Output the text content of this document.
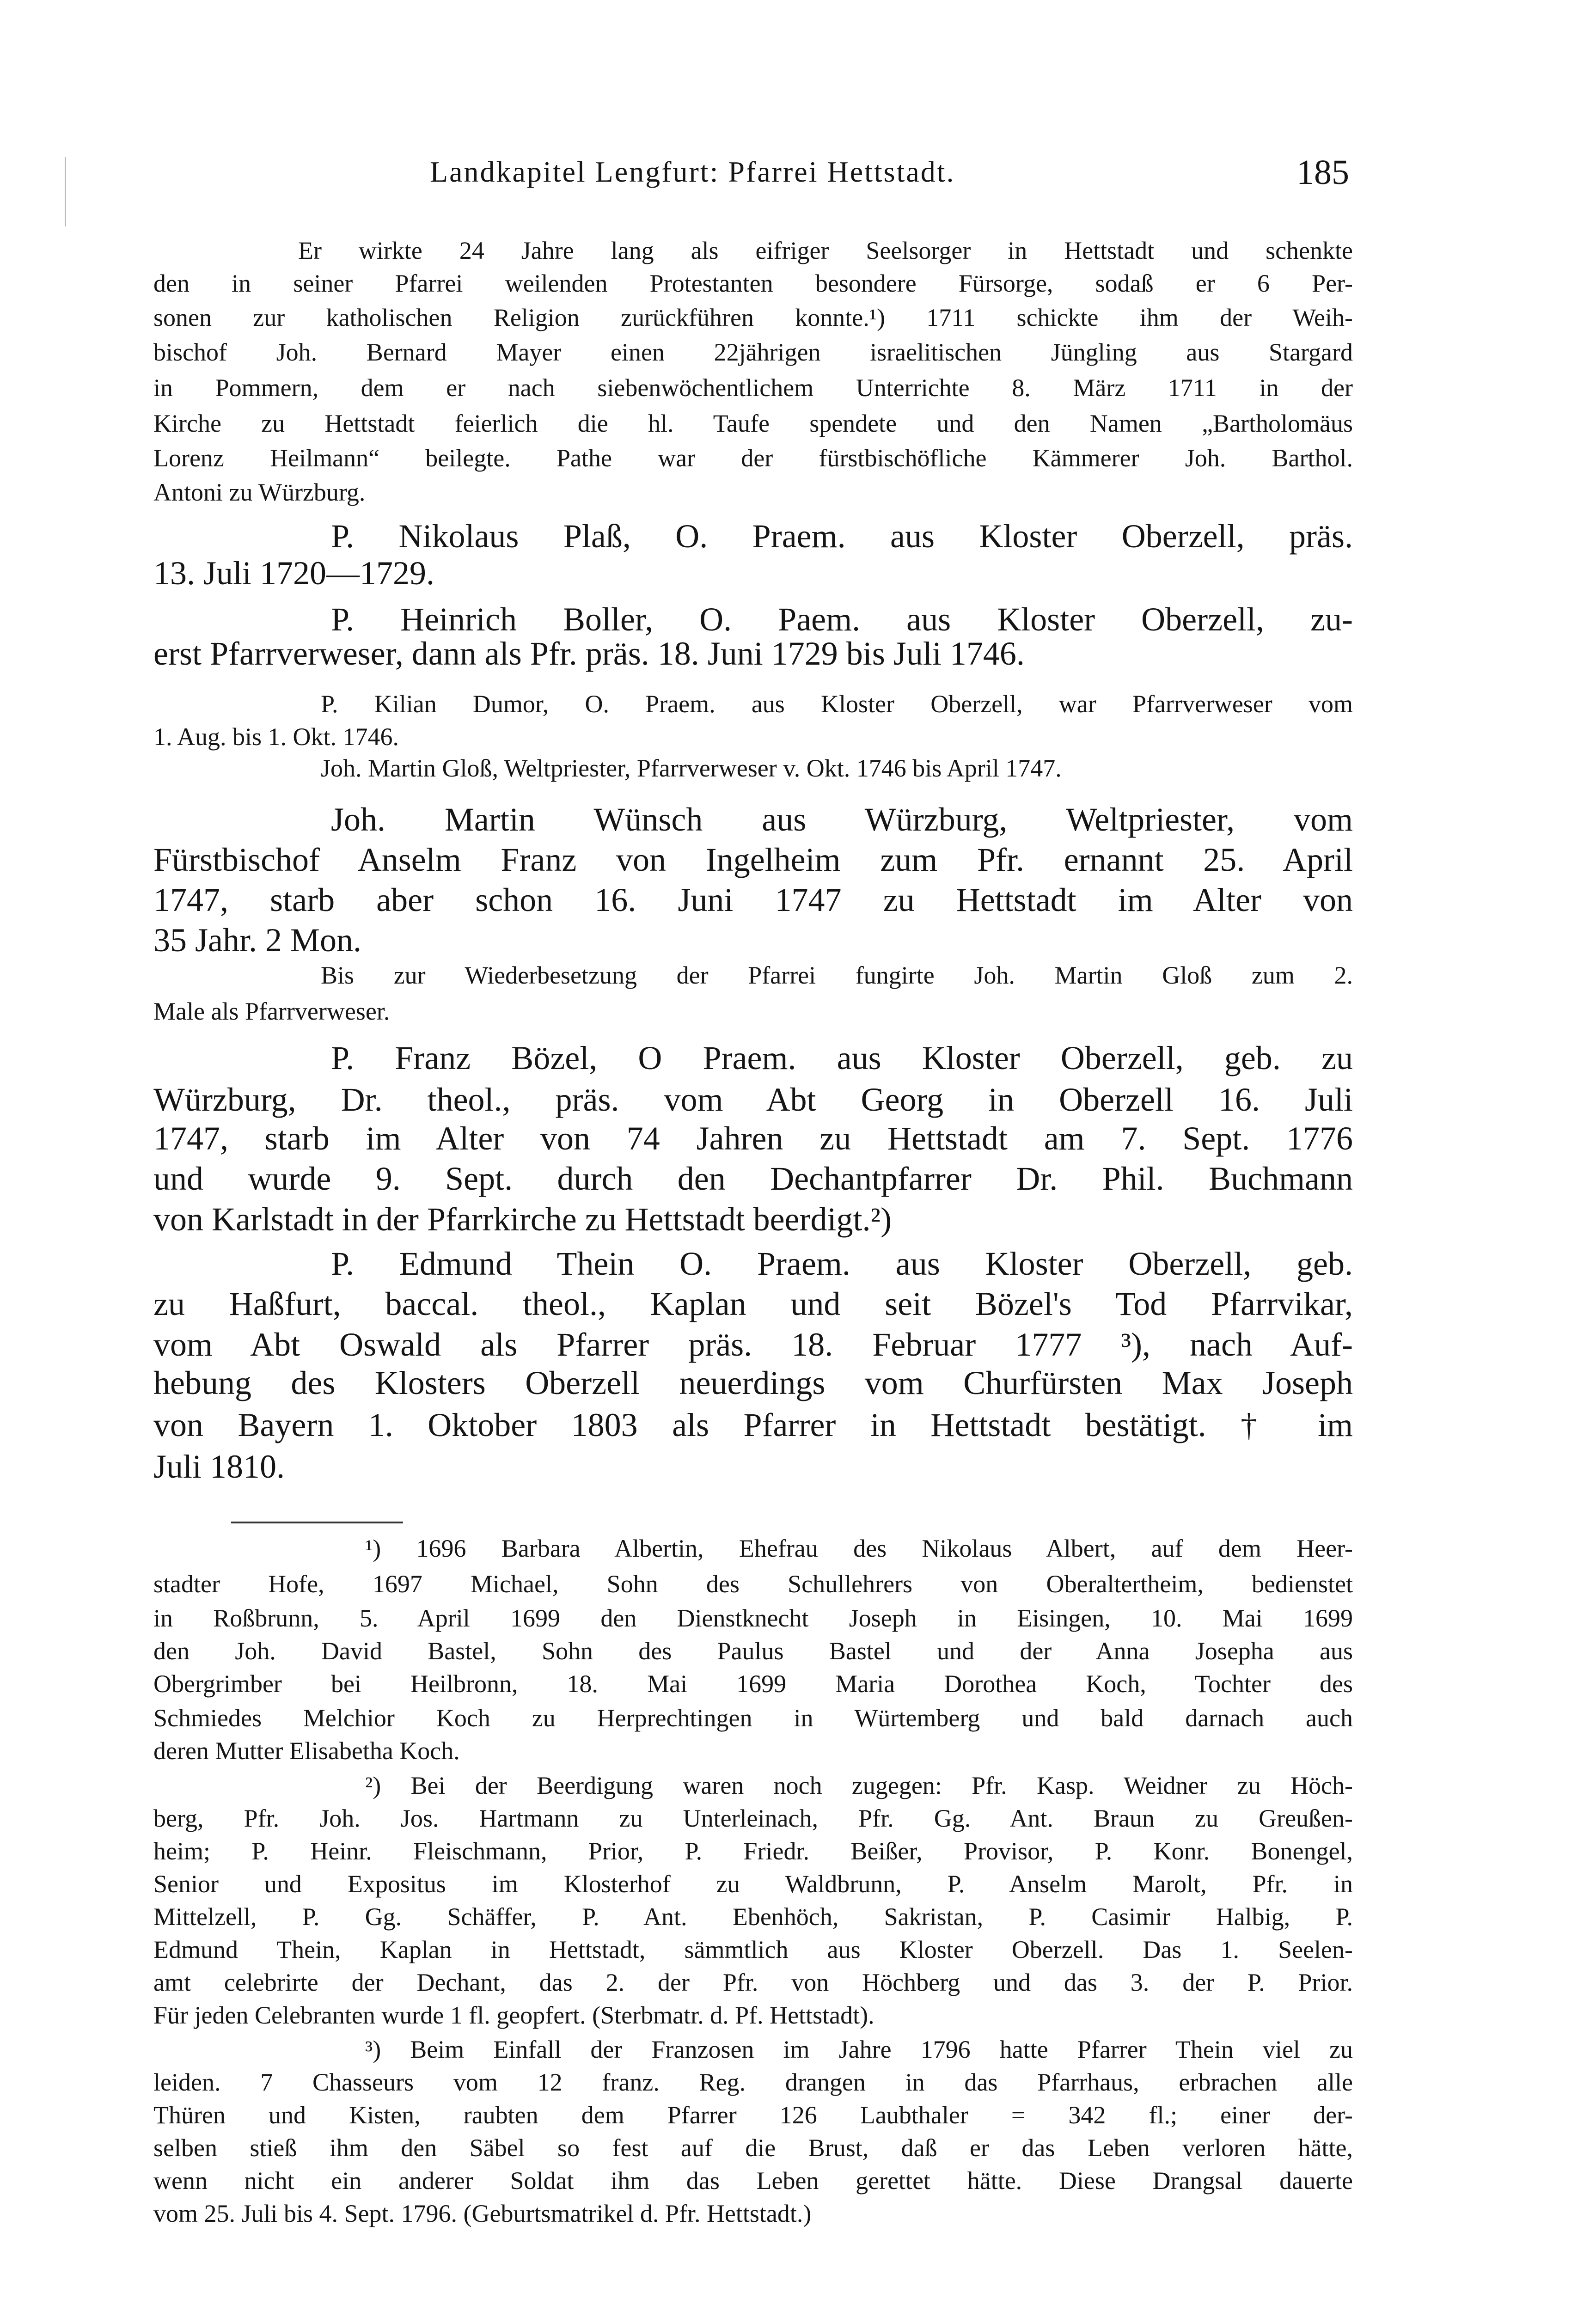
Landkapitel Lengfurt: Pfarrei Hettstadt.	185
Er wirkte 24 Jahre lang als eifriger Seelsorger in Hettstadt und schenkte
den in seiner Pfarrei weilenden Protestanten besondere Fürsorge, sodaß er 6 Per-
sonen zur katholischen Religion zurückführen konnte.¹) 1711 schickte ihm der Weih-
bischof Joh. Bernard Mayer einen 22jährigen israelitischen Jüngling aus Stargard
in Pommern, dem er nach siebenwöchentlichem Unterrichte 8. März 1711 in der
Kirche zu Hettstadt feierlich die hl. Taufe spendete und den Namen „Bartholomäus
Lorenz Heilmann“ beilegte. Pathe war der fürstbischöfliche Kämmerer Joh. Barthol.
Antoni zu Würzburg.
P. Nikolaus Plaß, O. Praem. aus Kloster Oberzell, präs.
13. Juli 1720—1729.
P. Heinrich Boller, O. Paem. aus Kloster Oberzell, zu-
erst Pfarrverweser, dann als Pfr. präs. 18. Juni 1729 bis Juli 1746.
P. Kilian Dumor, O. Praem. aus Kloster Oberzell, war Pfarrverweser vom
1. Aug. bis 1. Okt. 1746.
Joh. Martin Gloß, Weltpriester, Pfarrverweser v. Okt. 1746 bis April 1747.
Joh. Martin Wünsch aus Würzburg, Weltpriester, vom
Fürstbischof Anselm Franz von Ingelheim zum Pfr. ernannt 25. April
1747, starb aber schon 16. Juni 1747 zu Hettstadt im Alter von
35 Jahr. 2 Mon.
Bis zur Wiederbesetzung der Pfarrei fungirte Joh. Martin Gloß zum 2.
Male als Pfarrverweser.
P. Franz Bözel, O Praem. aus Kloster Oberzell, geb. zu
Würzburg, Dr. theol., präs. vom Abt Georg in Oberzell 16. Juli
1747, starb im Alter von 74 Jahren zu Hettstadt am 7. Sept. 1776
und wurde 9. Sept. durch den Dechantpfarrer Dr. Phil. Buchmann
von Karlstadt in der Pfarrkirche zu Hettstadt beerdigt.²)
P. Edmund Thein O. Praem. aus Kloster Oberzell, geb.
zu Haßfurt, baccal. theol., Kaplan und seit Bözel's Tod Pfarrvikar,
vom Abt Oswald als Pfarrer präs. 18. Februar 1777 ³), nach Auf-
hebung des Klosters Oberzell neuerdings vom Churfürsten Max Joseph
von Bayern 1. Oktober 1803 als Pfarrer in Hettstadt bestätigt. † im
Juli 1810.
¹) 1696 Barbara Albertin, Ehefrau des Nikolaus Albert, auf dem Heer-
stadter Hofe, 1697 Michael, Sohn des Schullehrers von Oberaltertheim, bedienstet
in Roßbrunn, 5. April 1699 den Dienstknecht Joseph in Eisingen, 10. Mai 1699
den Joh. David Bastel, Sohn des Paulus Bastel und der Anna Josepha aus
Obergrimber bei Heilbronn, 18. Mai 1699 Maria Dorothea Koch, Tochter des
Schmiedes Melchior Koch zu Herprechtingen in Würtemberg und bald darnach auch
deren Mutter Elisabetha Koch.
²) Bei der Beerdigung waren noch zugegen: Pfr. Kasp. Weidner zu Höch-
berg, Pfr. Joh. Jos. Hartmann zu Unterleinach, Pfr. Gg. Ant. Braun zu Greußen-
heim; P. Heinr. Fleischmann, Prior, P. Friedr. Beißer, Provisor, P. Konr. Bonengel,
Senior und Expositus im Klosterhof zu Waldbrunn, P. Anselm Marolt, Pfr. in
Mittelzell, P. Gg. Schäffer, P. Ant. Ebenhöch, Sakristan, P. Casimir Halbig, P.
Edmund Thein, Kaplan in Hettstadt, sämmtlich aus Kloster Oberzell. Das 1. Seelen-
amt celebrirte der Dechant, das 2. der Pfr. von Höchberg und das 3. der P. Prior.
Für jeden Celebranten wurde 1 fl. geopfert. (Sterbmatr. d. Pf. Hettstadt).
³) Beim Einfall der Franzosen im Jahre 1796 hatte Pfarrer Thein viel zu
leiden. 7 Chasseurs vom 12 franz. Reg. drangen in das Pfarrhaus, erbrachen alle
Thüren und Kisten, raubten dem Pfarrer 126 Laubthaler = 342 fl.; einer der-
selben stieß ihm den Säbel so fest auf die Brust, daß er das Leben verloren hätte,
wenn nicht ein anderer Soldat ihm das Leben gerettet hätte. Diese Drangsal dauerte
vom 25. Juli bis 4. Sept. 1796. (Geburtsmatrikel d. Pfr. Hettstadt.)
